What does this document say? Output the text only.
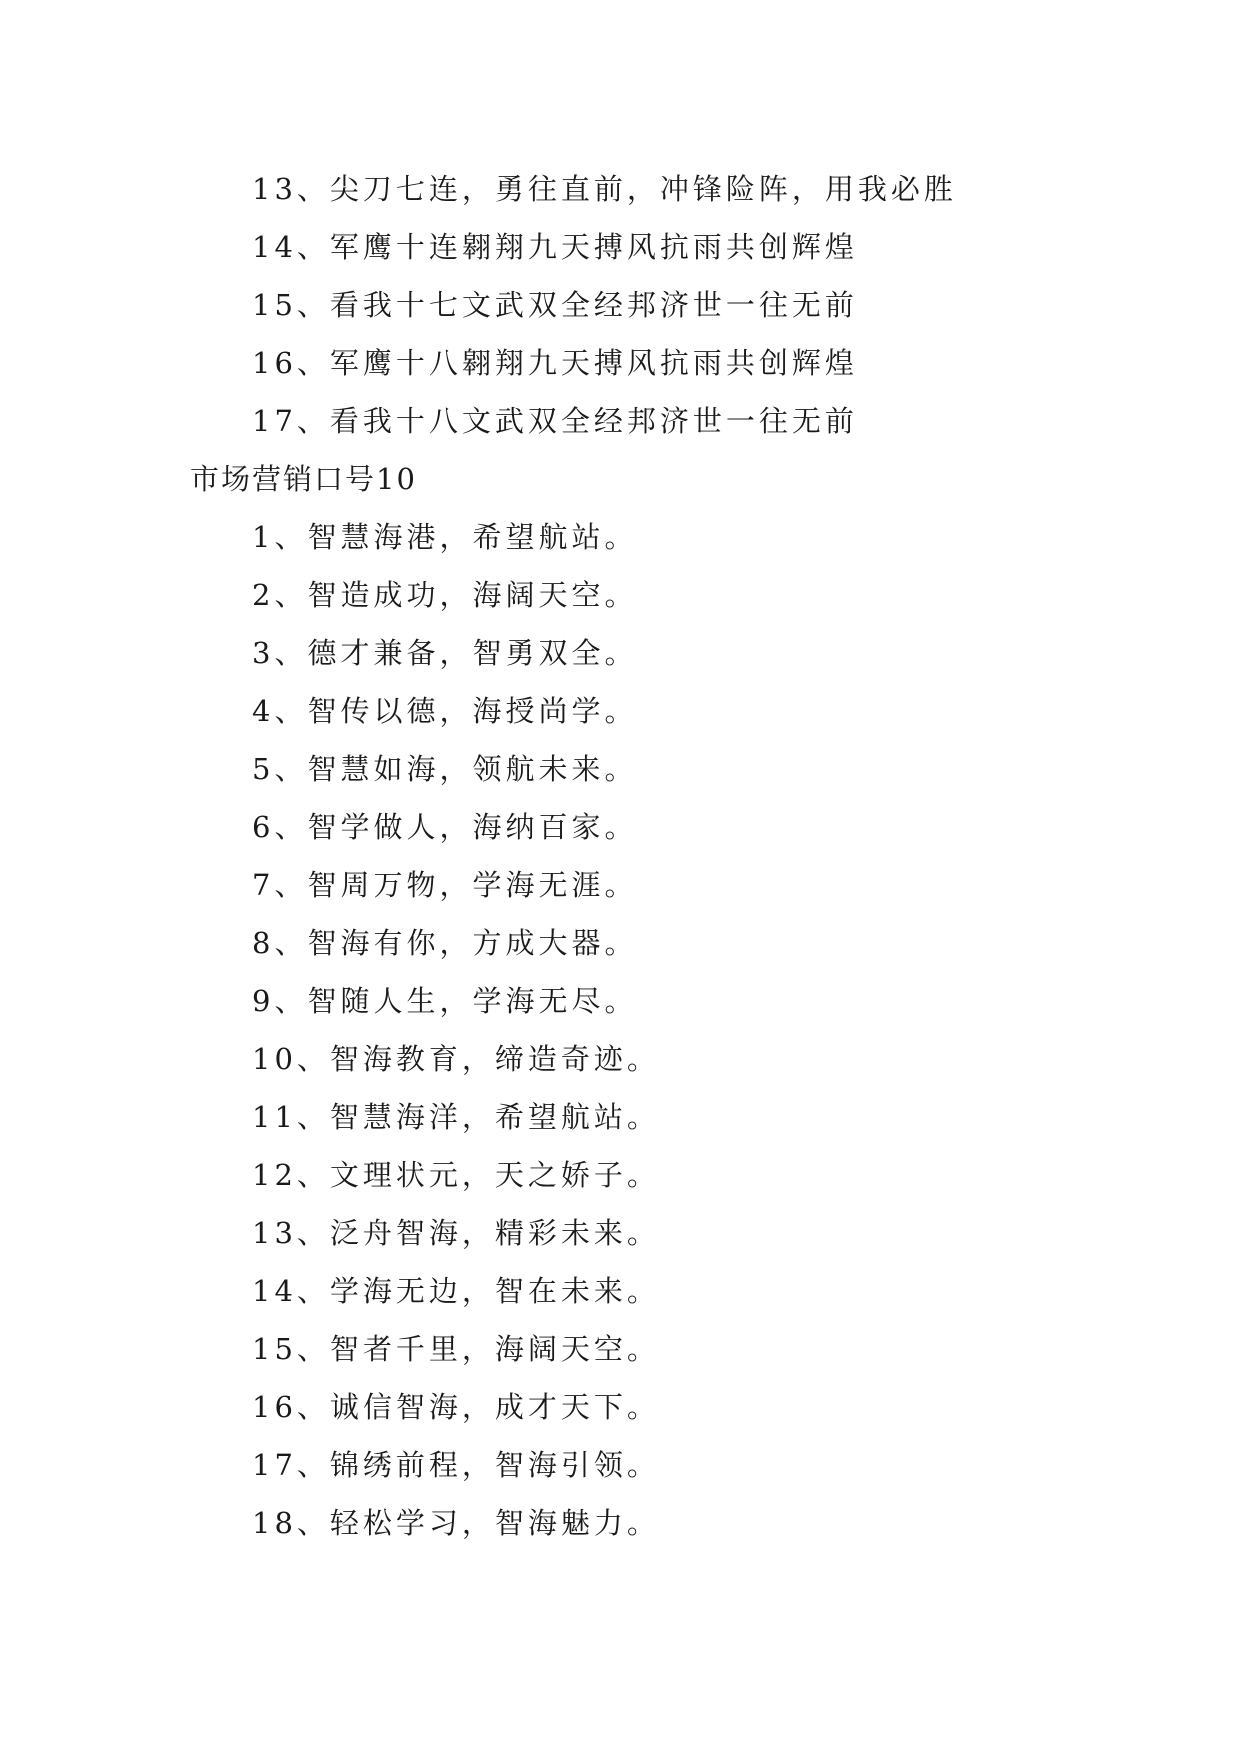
13、尖刀七连，勇往直前，冲锋险阵，用我必胜
14、军鹰十连翱翔九天搏风抗雨共创辉煌
15、看我十七文武双全经邦济世一往无前
16、军鹰十八翱翔九天搏风抗雨共创辉煌
17、看我十八文武双全经邦济世一往无前
市场营销口号10
1、智慧海港，希望航站。
2、智造成功，海阔天空。
3、德才兼备，智勇双全。
4、智传以德，海授尚学。
5、智慧如海，领航未来。
6、智学做人，海纳百家。
7、智周万物，学海无涯。
8、智海有你，方成大器。
9、智随人生，学海无尽。
10、智海教育，缔造奇迹。
11、智慧海洋，希望航站。
12、文理状元，天之娇子。
13、泛舟智海，精彩未来。
14、学海无边，智在未来。
15、智者千里，海阔天空。
16、诚信智海，成才天下。
17、锦绣前程，智海引领。
18、轻松学习，智海魅力。
